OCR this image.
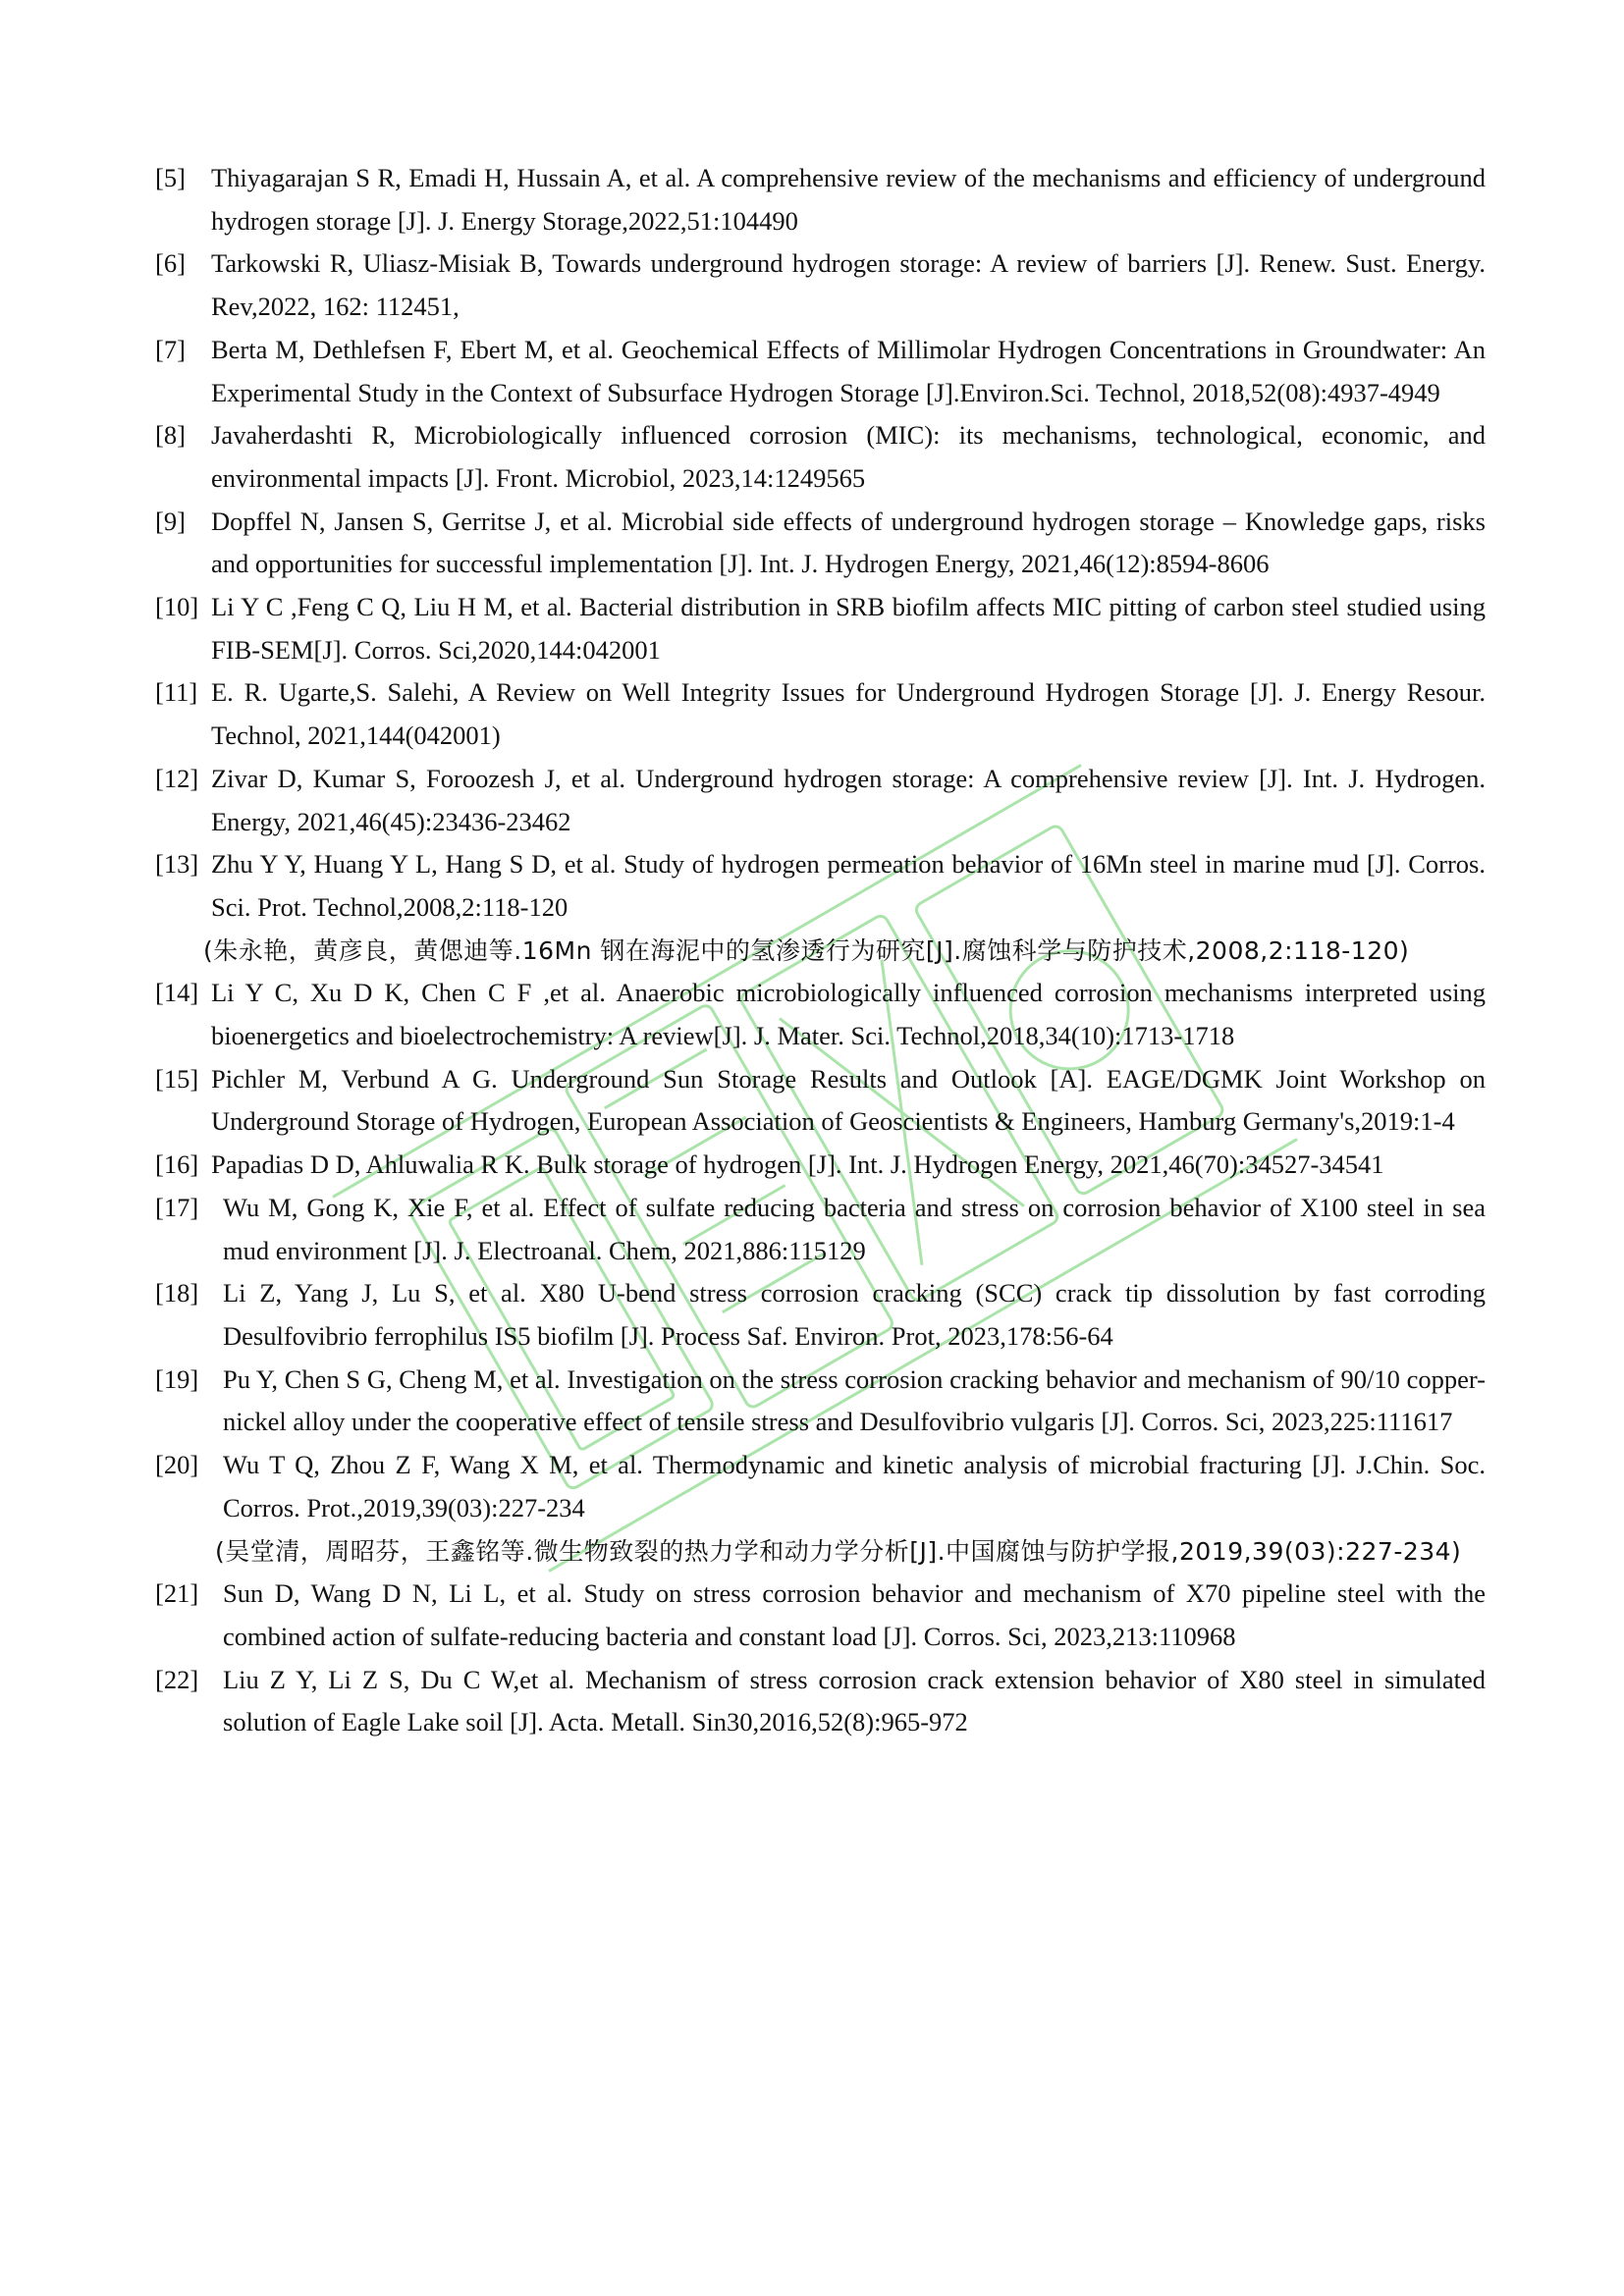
[5] Thiyagarajan S R, Emadi H, Hussain A, et al. A comprehensive review of the mechanisms and efficiency of underground hydrogen storage [J]. J. Energy Storage,2022,51:104490
[6] Tarkowski R, Uliasz-Misiak B, Towards underground hydrogen storage: A review of barriers [J]. Renew. Sust. Energy. Rev,2022, 162: 112451,
[7] Berta M, Dethlefsen F, Ebert M, et al. Geochemical Effects of Millimolar Hydrogen Concentrations in Groundwater: An Experimental Study in the Context of Subsurface Hydrogen Storage [J].Environ.Sci. Technol, 2018,52(08):4937-4949
[8] Javaherdashti R, Microbiologically influenced corrosion (MIC): its mechanisms, technological, economic, and environmental impacts [J]. Front. Microbiol, 2023,14:1249565
[9] Dopffel N, Jansen S, Gerritse J, et al. Microbial side effects of underground hydrogen storage – Knowledge gaps, risks and opportunities for successful implementation [J]. Int. J. Hydrogen Energy, 2021,46(12):8594-8606
[10] Li Y C ,Feng C Q, Liu H M, et al. Bacterial distribution in SRB biofilm affects MIC pitting of carbon steel studied using FIB-SEM[J]. Corros. Sci,2020,144:042001
[11] E. R. Ugarte,S. Salehi, A Review on Well Integrity Issues for Underground Hydrogen Storage [J]. J. Energy Resour. Technol, 2021,144(042001)
[12] Zivar D, Kumar S, Foroozesh J, et al. Underground hydrogen storage: A comprehensive review [J]. Int. J. Hydrogen. Energy, 2021,46(45):23436-23462
[13] Zhu Y Y, Huang Y L, Hang S D, et al. Study of hydrogen permeation behavior of 16Mn steel in marine mud [J]. Corros. Sci. Prot. Technol,2008,2:118-120
(朱永艳，黄彦良，黄偲迪等.16Mn 钢在海泥中的氢渗透行为研究[J].腐蚀科学与防护技术,2008,2:118-120)
[14] Li Y C, Xu D K, Chen C F ,et al. Anaerobic microbiologically influenced corrosion mechanisms interpreted using bioenergetics and bioelectrochemistry: A review[J]. J. Mater. Sci. Technol,2018,34(10):1713-1718
[15] Pichler M, Verbund A G. Underground Sun Storage Results and Outlook [A]. EAGE/DGMK Joint Workshop on Underground Storage of Hydrogen, European Association of Geoscientists & Engineers, Hamburg Germany's,2019:1-4
[16] Papadias D D, Ahluwalia R K. Bulk storage of hydrogen [J]. Int. J. Hydrogen Energy, 2021,46(70):34527-34541
[17] Wu M, Gong K, Xie F, et al. Effect of sulfate reducing bacteria and stress on corrosion behavior of X100 steel in sea mud environment [J]. J. Electroanal. Chem, 2021,886:115129
[18] Li Z, Yang J, Lu S, et al. X80 U-bend stress corrosion cracking (SCC) crack tip dissolution by fast corroding Desulfovibrio ferrophilus IS5 biofilm [J]. Process Saf. Environ. Prot, 2023,178:56-64
[19] Pu Y, Chen S G, Cheng M, et al. Investigation on the stress corrosion cracking behavior and mechanism of 90/10 copper-nickel alloy under the cooperative effect of tensile stress and Desulfovibrio vulgaris [J]. Corros. Sci, 2023,225:111617
[20] Wu T Q, Zhou Z F, Wang X M, et al. Thermodynamic and kinetic analysis of microbial fracturing [J]. J.Chin. Soc. Corros. Prot.,2019,39(03):227-234
(吴堂清，周昭芬，王鑫铭等.微生物致裂的热力学和动力学分析[J].中国腐蚀与防护学报,2019,39(03):227-234)
[21] Sun D, Wang D N, Li L, et al. Study on stress corrosion behavior and mechanism of X70 pipeline steel with the combined action of sulfate-reducing bacteria and constant load [J]. Corros. Sci, 2023,213:110968
[22] Liu Z Y, Li Z S, Du C W,et al. Mechanism of stress corrosion crack extension behavior of X80 steel in simulated solution of Eagle Lake soil [J]. Acta. Metall. Sin30,2016,52(8):965-972
